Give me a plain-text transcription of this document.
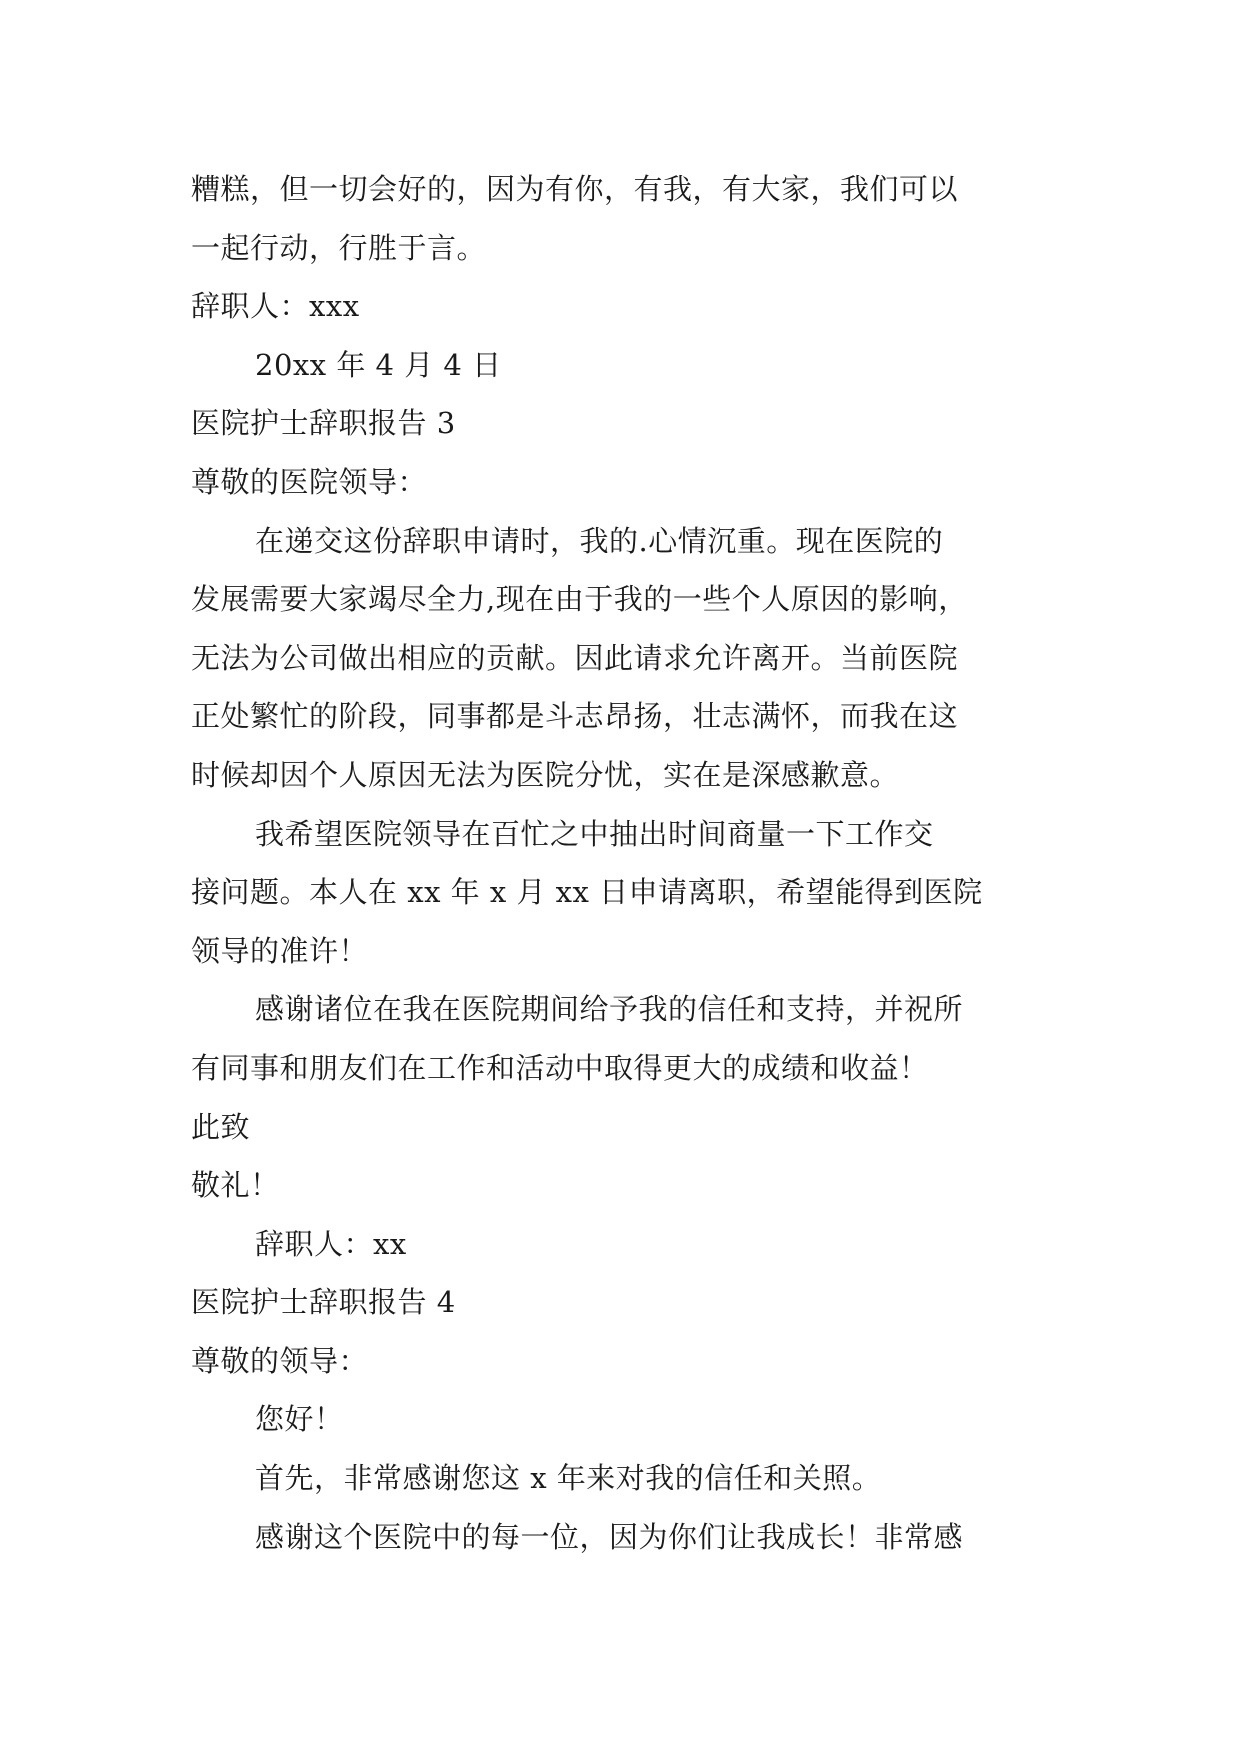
糟糕，但一切会好的，因为有你，有我，有大家，我们可以
一起行动，行胜于言。
辞职人：xxx
20xx 年 4 月 4 日
医院护士辞职报告 3
尊敬的医院领导：
在递交这份辞职申请时，我的.心情沉重。现在医院的
发展需要大家竭尽全力,现在由于我的一些个人原因的影响，
无法为公司做出相应的贡献。因此请求允许离开。当前医院
正处繁忙的阶段，同事都是斗志昂扬，壮志满怀，而我在这
时候却因个人原因无法为医院分忧，实在是深感歉意。
我希望医院领导在百忙之中抽出时间商量一下工作交
接问题。本人在 xx 年 x 月 xx 日申请离职，希望能得到医院
领导的准许！
感谢诸位在我在医院期间给予我的信任和支持，并祝所
有同事和朋友们在工作和活动中取得更大的成绩和收益！
此致
敬礼！
辞职人：xx
医院护士辞职报告 4
尊敬的领导：
您好！
首先，非常感谢您这 x 年来对我的信任和关照。
感谢这个医院中的每一位，因为你们让我成长！非常感
